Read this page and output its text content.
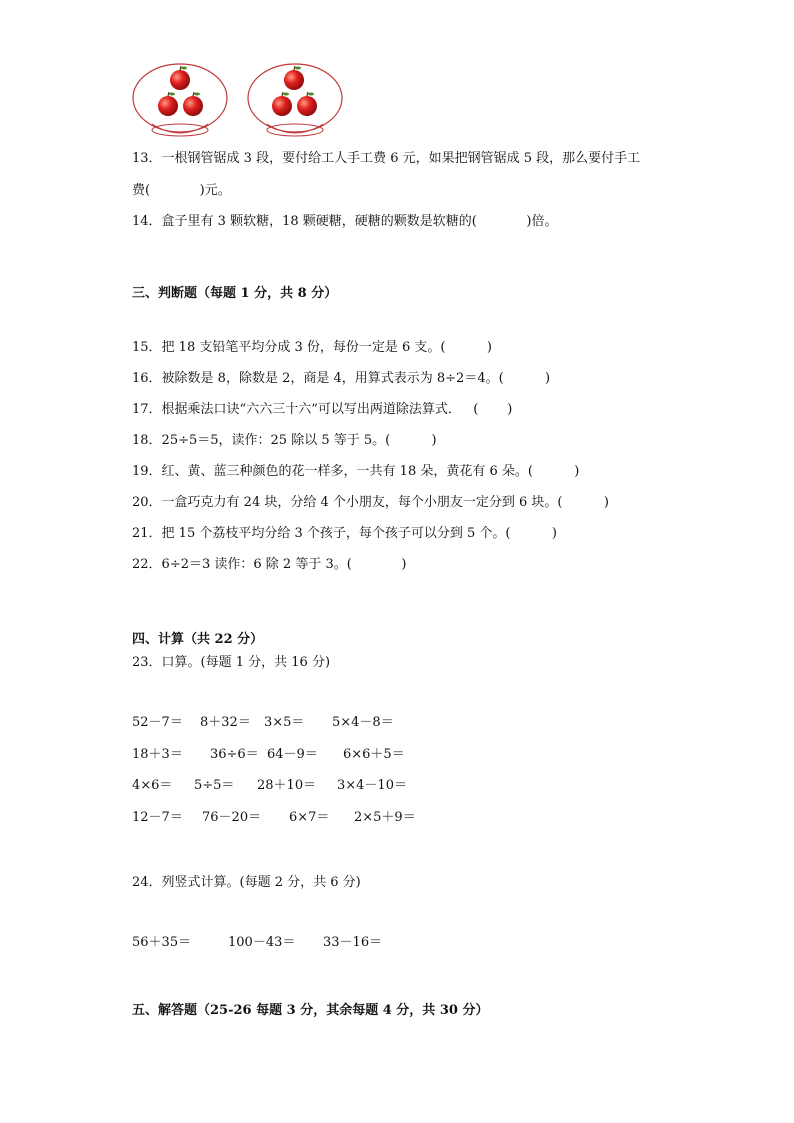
13．一根钢管锯成 3 段，要付给工人手工费 6 元，如果把钢管锯成 5 段，那么要付手工
费(            )元。
14．盒子里有 3 颗软糖，18 颗硬糖，硬糖的颗数是软糖的(            )倍。
三、判断题（每题 1 分，共 8 分）
15．把 18 支铅笔平均分成 3 份，每份一定是 6 支。(          )
16．被除数是 8，除数是 2，商是 4，用算式表示为 8÷2＝4。(          )
17．根据乘法口诀“六六三十六”可以写出两道除法算式．   (       )
18．25÷5＝5，读作：25 除以 5 等于 5。(          )
19．红、黄、蓝三种颜色的花一样多，一共有 18 朵，黄花有 6 朵。(          )
20．一盒巧克力有 24 块，分给 4 个小朋友，每个小朋友一定分到 6 块。(          )
21．把 15 个荔枝平均分给 3 个孩子，每个孩子可以分到 5 个。(          )
22．6÷2＝3 读作：6 除 2 等于 3。(            )
四、计算（共 22 分）
23．口算。(每题 1 分，共 16 分)

52－7＝

8＋32＝

3×5＝

5×4－8＝

18＋3＝

36÷6＝

64－9＝

6×6＋5＝

4×6＝

5÷5＝

28＋10＝

3×4－10＝

12－7＝

76－20＝

6×7＝

2×5＋9＝

24．列竖式计算。(每题 2 分，共 6 分)

56＋35＝

	100－43＝

33－16＝

五、解答题（25-26 每题 3 分，其余每题 4 分，共 30 分）
